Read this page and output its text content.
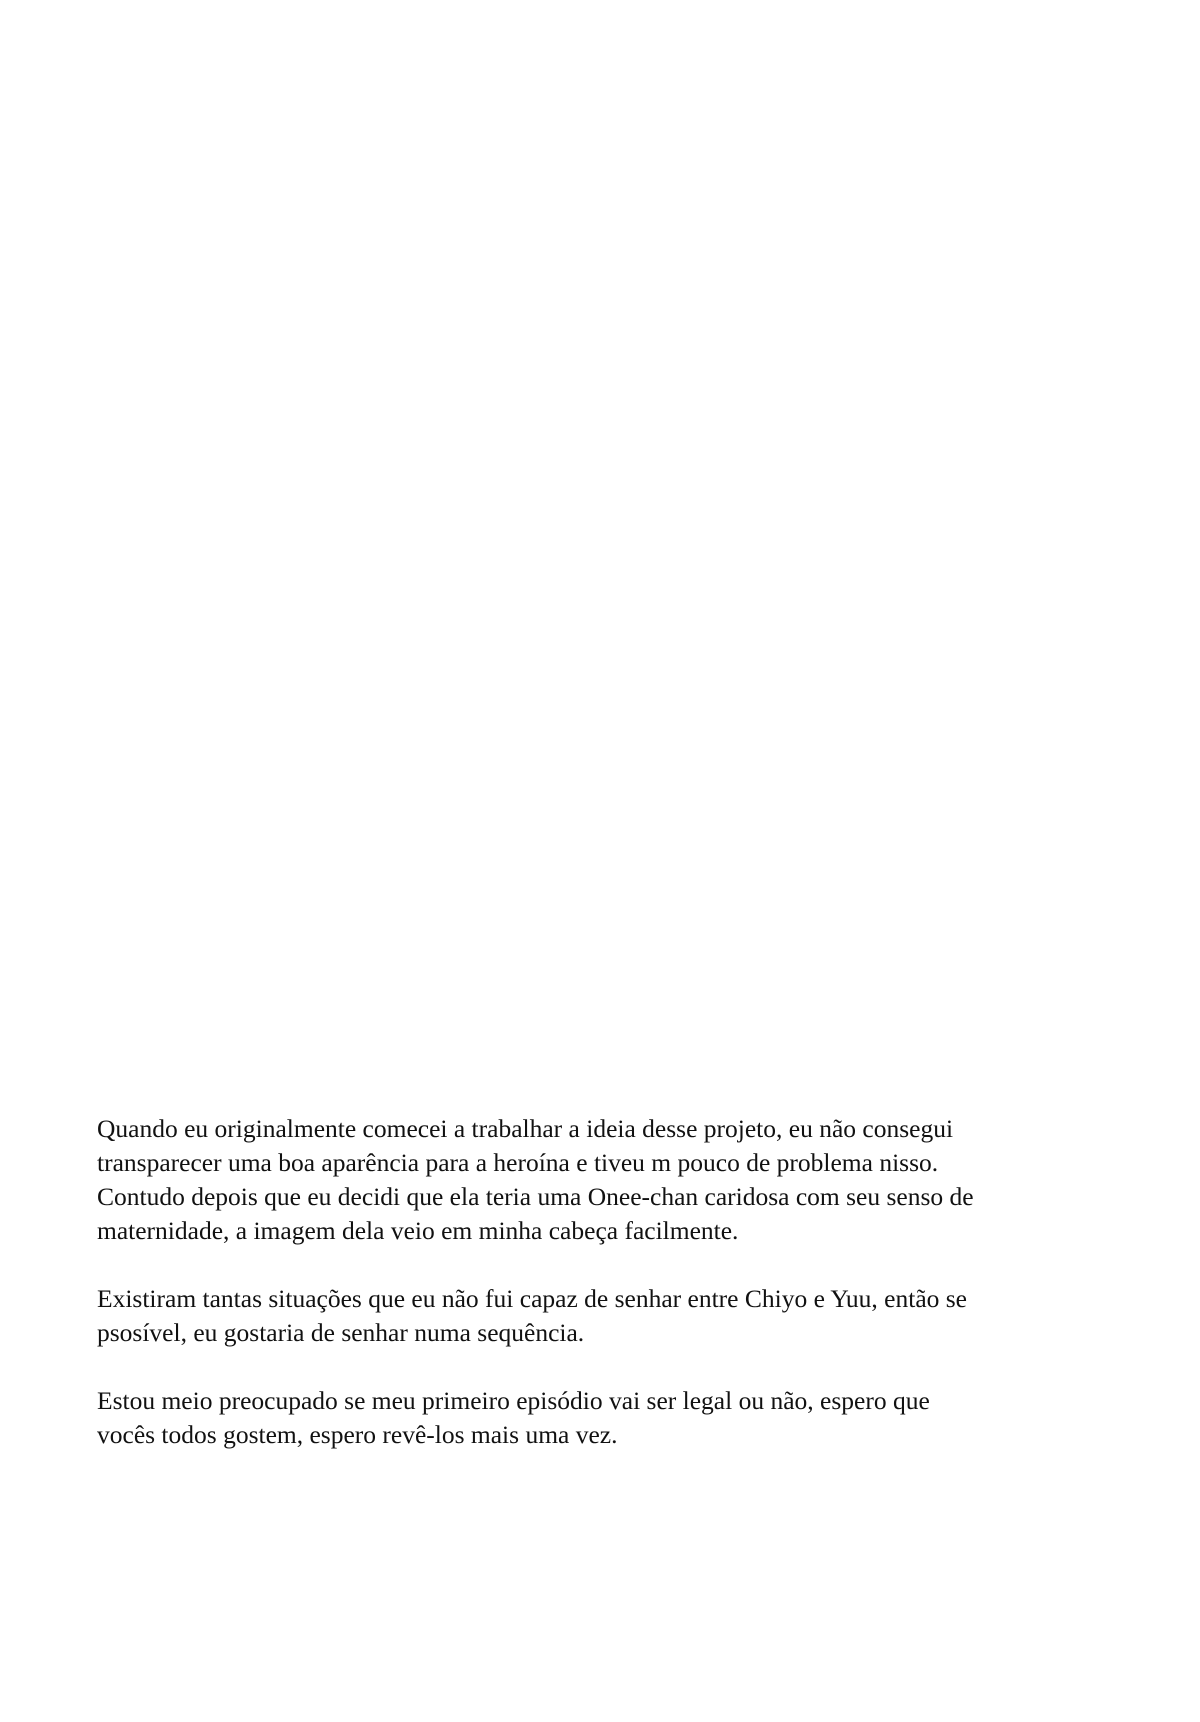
Quando eu originalmente comecei a trabalhar a ideia desse projeto, eu não consegui
transparecer uma boa aparência para a heroína e tiveu m pouco de problema nisso.
Contudo depois que eu decidi que ela teria uma Onee-chan caridosa com seu senso de
maternidade, a imagem dela veio em minha cabeça facilmente.

Existiram tantas situações que eu não fui capaz de senhar entre Chiyo e Yuu, então se
psosível, eu gostaria de senhar numa sequência.

Estou meio preocupado se meu primeiro episódio vai ser legal ou não, espero que
vocês todos gostem, espero revê-los mais uma vez.
